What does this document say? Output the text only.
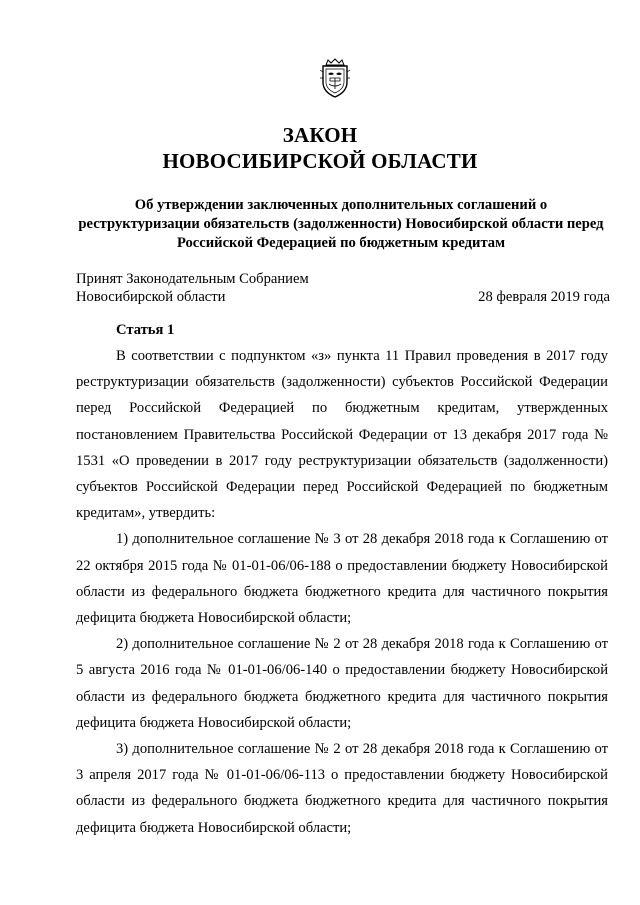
ЗАКОН
НОВОСИБИРСКОЙ ОБЛАСТИ
Об утверждении заключенных дополнительных соглашений о реструктуризации обязательств (задолженности) Новосибирской области перед Российской Федерацией по бюджетным кредитам
Принят Законодательным Собранием
Новосибирской области	28 февраля 2019 года
Статья 1

В соответствии с подпунктом «з» пункта 11 Правил проведения в 2017 году реструктуризации обязательств (задолженности) субъектов Российской Федерации перед Российской Федерацией по бюджетным кредитам, утвержденных постановлением Правительства Российской Федерации от 13 декабря 2017 года № 1531 «О проведении в 2017 году реструктуризации обязательств (задолженности) субъектов Российской Федерации перед Российской Федерацией по бюджетным кредитам», утвердить:

1) дополнительное соглашение № 3 от 28 декабря 2018 года к Соглашению от 22 октября 2015 года № 01-01-06/06-188 о предоставлении бюджету Новосибирской области из федерального бюджета бюджетного кредита для частичного покрытия дефицита бюджета Новосибирской области;

2) дополнительное соглашение № 2 от 28 декабря 2018 года к Соглашению от 5 августа 2016 года № 01-01-06/06-140 о предоставлении бюджету Новосибирской области из федерального бюджета бюджетного кредита для частичного покрытия дефицита бюджета Новосибирской области;

3) дополнительное соглашение № 2 от 28 декабря 2018 года к Соглашению от 3 апреля 2017 года № 01-01-06/06-113 о предоставлении бюджету Новосибирской области из федерального бюджета бюджетного кредита для частичного покрытия дефицита бюджета Новосибирской области;
